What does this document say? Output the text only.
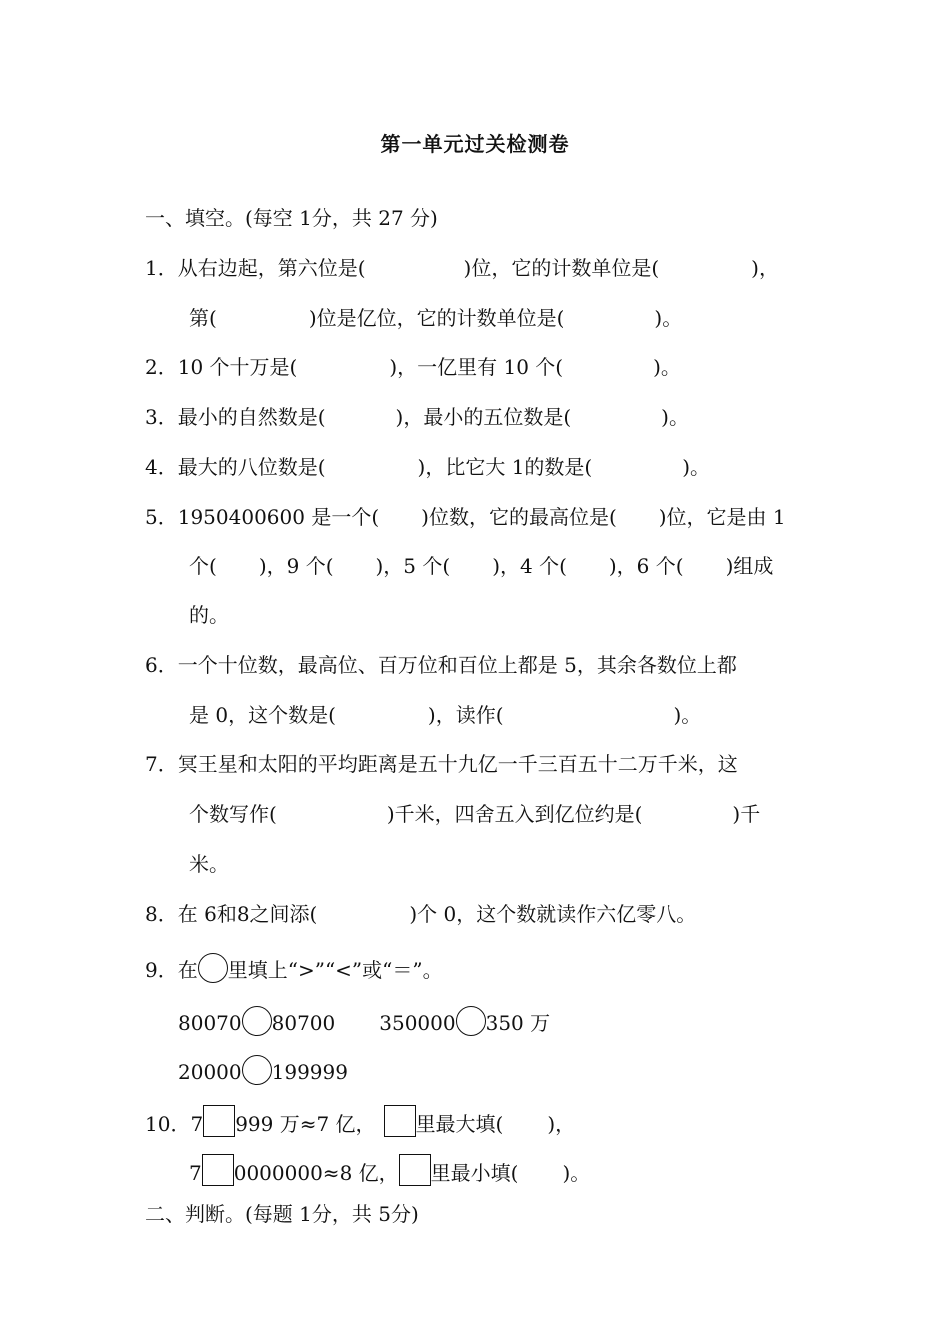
第一单元过关检测卷
一、填空。(每空 1分，共 27 分)
1．从右边起，第六位是(	)位，它的计数单位是(	)，
第(	)位是亿位，它的计数单位是(	)。
2．10 个十万是(	)，一亿里有 10 个(	)。
3．最小的自然数是(	)，最小的五位数是(	)。
4．最大的八位数是(	)，比它大 1的数是(	)。
5．1950400600 是一个( )位数，它的最高位是( )位，它是由 1
个( )，9 个( )，5 个( )，4 个( )，6 个( )组成
的。
6．一个十位数，最高位、百万位和百位上都是 5，其余各数位上都
是 0，这个数是(	)，读作(	)。
7．冥王星和太阳的平均距离是五十九亿一千三百五十二万千米，这
个数写作(	)千米，四舍五入到亿位约是(	)千
米。
8．在 6和8之间添(	)个 0，这个数就读作六亿零八。
9．在 里填上“>”“<”或“＝”。
80070 80700 350000 350 万
20000 199999
10．7 999 万≈7 亿， 里最大填( )，
7 0000000≈8 亿， 里最小填( )。
二、判断。(每题 1分，共 5分)
